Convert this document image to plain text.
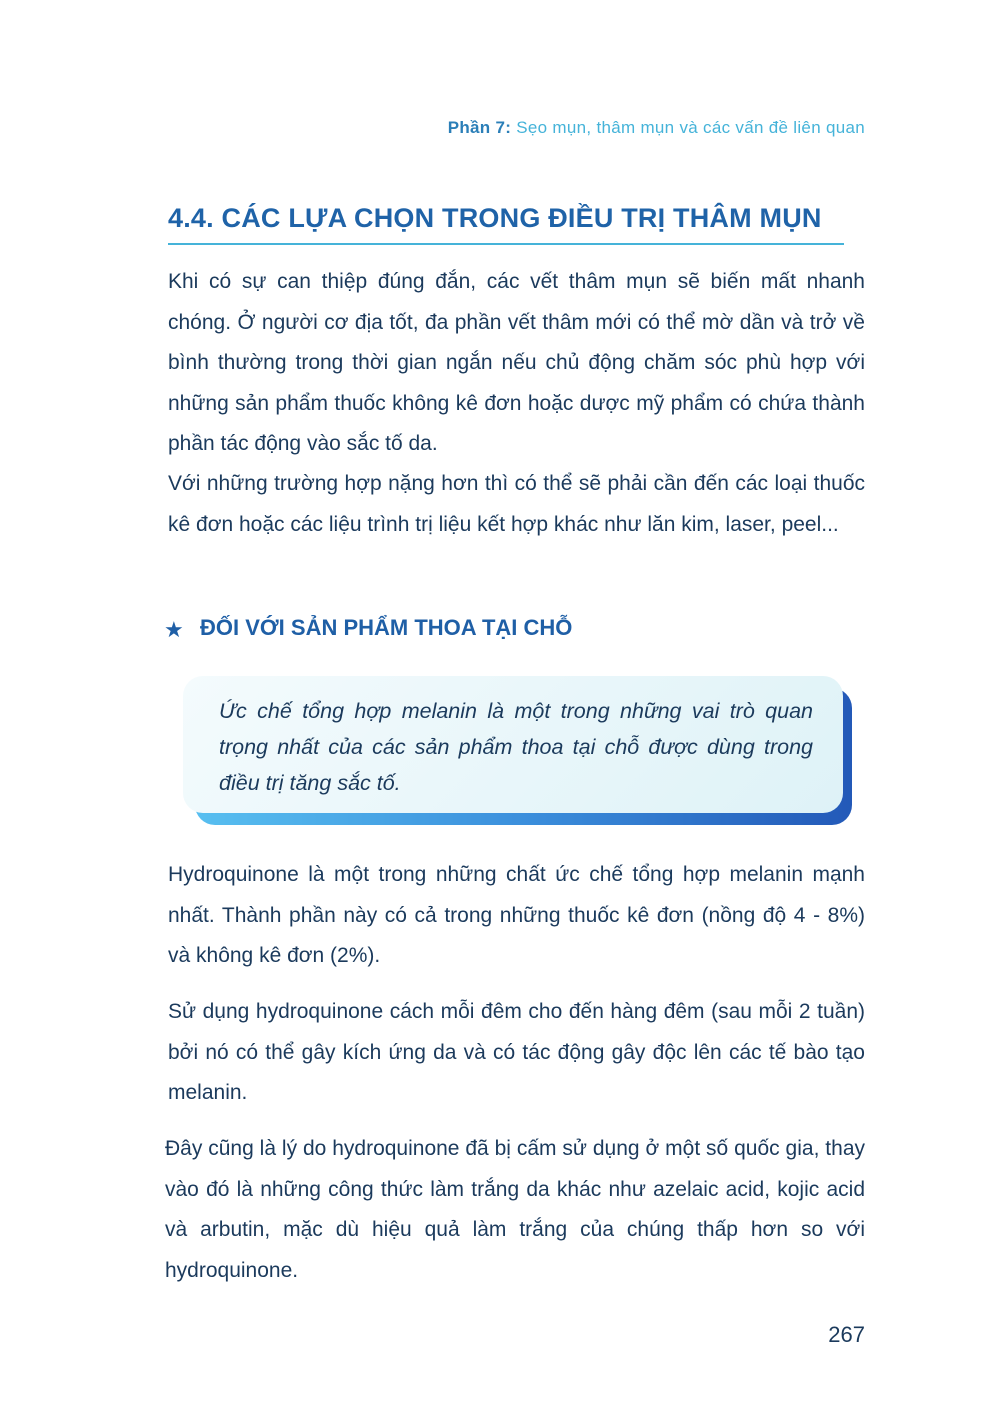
Phần 7: Sẹo mụn, thâm mụn và các vấn đề liên quan
4.4. CÁC LỰA CHỌN TRONG ĐIỀU TRỊ THÂM MỤN

Khi có sự can thiệp đúng đắn, các vết thâm mụn sẽ biến mất nhanh chóng. Ở người cơ địa tốt, đa phần vết thâm mới có thể mờ dần và trở về bình thường trong thời gian ngắn nếu chủ động chăm sóc phù hợp với những sản phẩm thuốc không kê đơn hoặc dược mỹ phẩm có chứa thành phần tác động vào sắc tố da.

Với những trường hợp nặng hơn thì có thể sẽ phải cần đến các loại thuốc kê đơn hoặc các liệu trình trị liệu kết hợp khác như lăn kim, laser, peel...

★ ĐỐI VỚI SẢN PHẨM THOA TẠI CHỖ

Ức chế tổng hợp melanin là một trong những vai trò quan trọng nhất của các sản phẩm thoa tại chỗ được dùng trong điều trị tăng sắc tố.

Hydroquinone là một trong những chất ức chế tổng hợp melanin mạnh nhất. Thành phần này có cả trong những thuốc kê đơn (nồng độ 4 - 8%) và không kê đơn (2%).

Sử dụng hydroquinone cách mỗi đêm cho đến hàng đêm (sau mỗi 2 tuần) bởi nó có thể gây kích ứng da và có tác động gây độc lên các tế bào tạo melanin.

Đây cũng là lý do hydroquinone đã bị cấm sử dụng ở một số quốc gia, thay vào đó là những công thức làm trắng da khác như azelaic acid, kojic acid và arbutin, mặc dù hiệu quả làm trắng của chúng thấp hơn so với hydroquinone.

267
